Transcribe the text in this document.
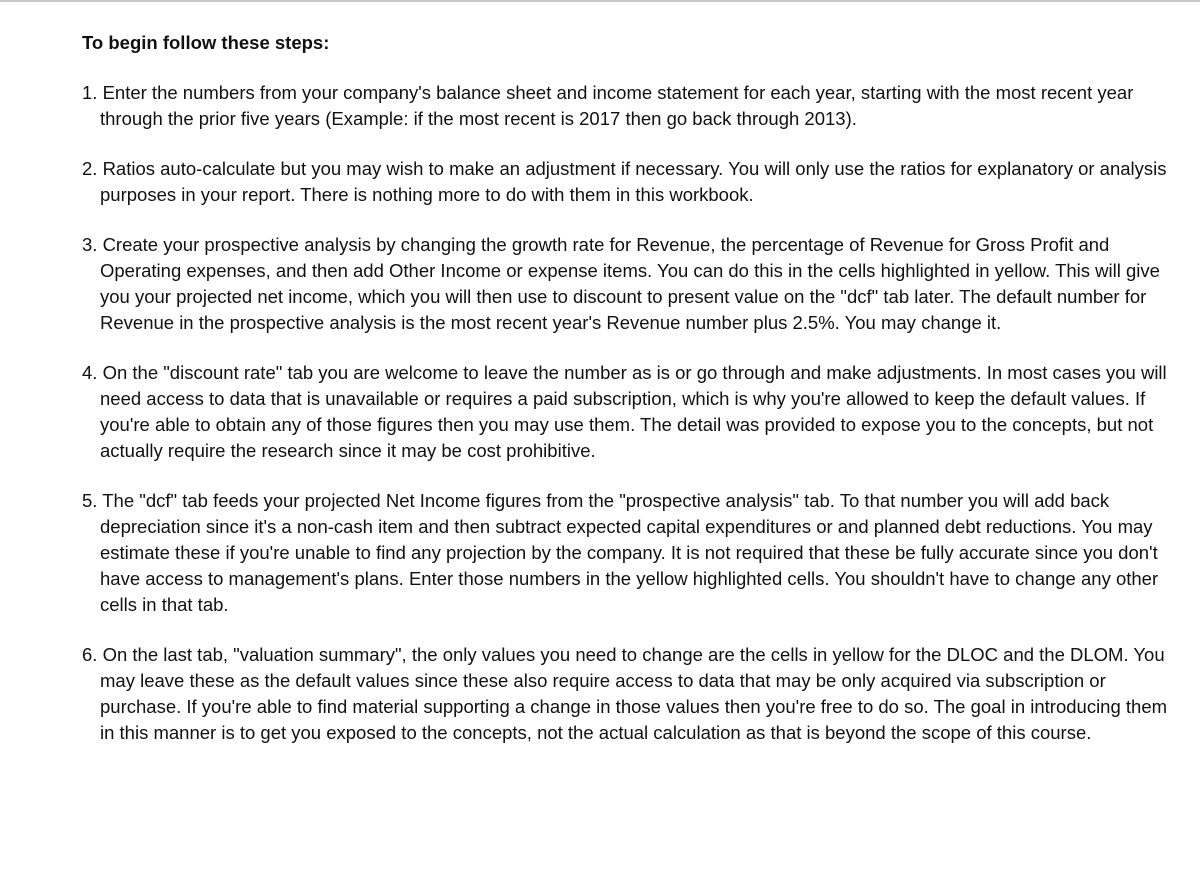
To begin follow these steps:
1. Enter the numbers from your company's balance sheet and income statement for each year, starting with the most recent year through the prior five years (Example: if the most recent is 2017 then go back through 2013).
2. Ratios auto-calculate but you may wish to make an adjustment if necessary. You will only use the ratios for explanatory or analysis purposes in your report. There is nothing more to do with them in this workbook.
3. Create your prospective analysis by changing the growth rate for Revenue, the percentage of Revenue for Gross Profit and Operating expenses, and then add Other Income or expense items. You can do this in the cells highlighted in yellow. This will give you your projected net income, which you will then use to discount to present value on the "dcf" tab later. The default number for Revenue in the prospective analysis is the most recent year's Revenue number plus 2.5%. You may change it.
4. On the "discount rate" tab you are welcome to leave the number as is or go through and make adjustments. In most cases you will need access to data that is unavailable or requires a paid subscription, which is why you're allowed to keep the default values. If you're able to obtain any of those figures then you may use them. The detail was provided to expose you to the concepts, but not actually require the research since it may be cost prohibitive.
5. The "dcf" tab feeds your projected Net Income figures from the "prospective analysis" tab. To that number you will add back depreciation since it's a non-cash item and then subtract expected capital expenditures or and planned debt reductions. You may estimate these if you're unable to find any projection by the company. It is not required that these be fully accurate since you don't have access to management's plans. Enter those numbers in the yellow highlighted cells. You shouldn't have to change any other cells in that tab.
6. On the last tab, "valuation summary", the only values you need to change are the cells in yellow for the DLOC and the DLOM. You may leave these as the default values since these also require access to data that may be only acquired via subscription or purchase. If you're able to find material supporting a change in those values then you're free to do so. The goal in introducing them in this manner is to get you exposed to the concepts, not the actual calculation as that is beyond the scope of this course.
